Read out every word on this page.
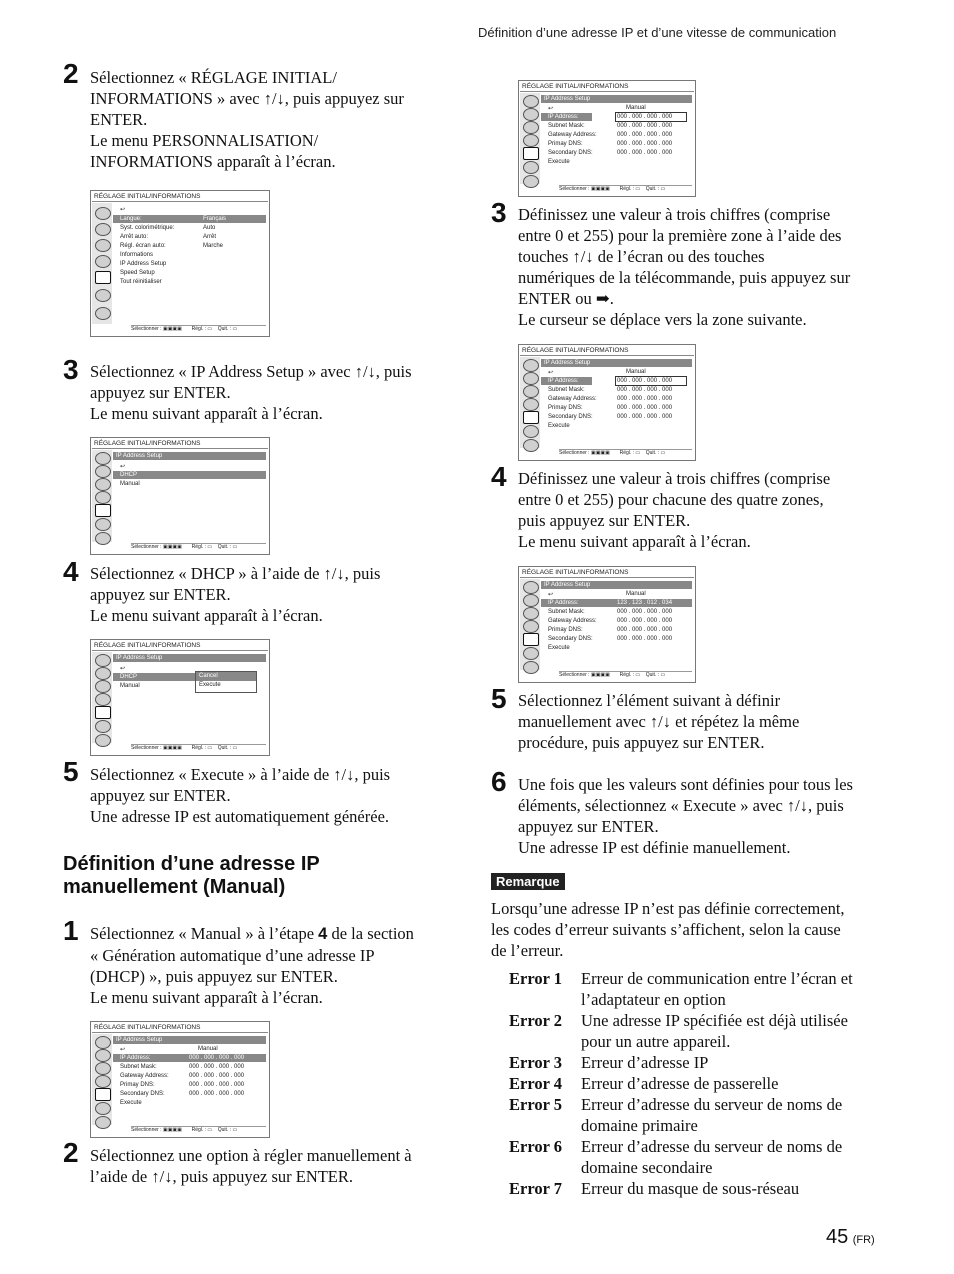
Définition d’une adresse IP et d’une vitesse de communication
2 Sélectionnez « RÉGLAGE INITIAL/
INFORMATIONS » avec ↑/↓, puis appuyez sur
ENTER.
Le menu PERSONNALISATION/
INFORMATIONS apparaît à l’écran.
RÉGLAGE INITIAL/INFORMATIONS
↩
Langue:	Français
Syst. colorimétrique:	Auto
Arrêt auto:	Arrêt
Régl. écran auto:	Marche
Informations
IP Address Setup
Speed Setup
Tout réinitialiser
Sélectionner : ▣▣▣▣       Régl. : ▭    Quit. : ▭
3 Sélectionnez « IP Address Setup » avec ↑/↓, puis
appuyez sur ENTER.
Le menu suivant apparaît à l’écran.
RÉGLAGE INITIAL/INFORMATIONS
IP Address Setup
↩
DHCP
Manual
Sélectionner : ▣▣▣▣       Régl. : ▭    Quit. : ▭
4 Sélectionnez « DHCP » à l’aide de ↑/↓, puis
appuyez sur ENTER.
Le menu suivant apparaît à l’écran.
RÉGLAGE INITIAL/INFORMATIONS
IP Address Setup
↩
DHCP
Manual
Cancel
Execute
Sélectionner : ▣▣▣▣       Régl. : ▭    Quit. : ▭
5 Sélectionnez « Execute » à l’aide de ↑/↓, puis
appuyez sur ENTER.
Une adresse IP est automatiquement générée.
Définition d’une adresse IP
manuellement (Manual)
1 Sélectionnez « Manual » à l’étape 4 de la section
« Génération automatique d’une adresse IP
(DHCP) », puis appuyez sur ENTER.
Le menu suivant apparaît à l’écran.
RÉGLAGE INITIAL/INFORMATIONS
IP Address Setup
↩	Manual
IP Address:	000 . 000 . 000 . 000
Subnet Mask:	000 . 000 . 000 . 000
Gateway Address:	000 . 000 . 000 . 000
Primay DNS:	000 . 000 . 000 . 000
Secondary DNS:	000 . 000 . 000 . 000
Execute
Sélectionner : ▣▣▣▣       Régl. : ▭    Quit. : ▭
2 Sélectionnez une option à régler manuellement à
l’aide de ↑/↓, puis appuyez sur ENTER.
RÉGLAGE INITIAL/INFORMATIONS
IP Address Setup
↩	Manual
IP Address:	000 . 000 . 000 . 000
Subnet Mask:	000 . 000 . 000 . 000
Gateway Address:	000 . 000 . 000 . 000
Primay DNS:	000 . 000 . 000 . 000
Secondary DNS:	000 . 000 . 000 . 000
Execute
Sélectionner : ▣▣▣▣       Régl. : ▭    Quit. : ▭
3 Définissez une valeur à trois chiffres (comprise
entre 0 et 255) pour la première zone à l’aide des
touches ↑/↓ de l’écran ou des touches
numériques de la télécommande, puis appuyez sur
ENTER ou ➡.
Le curseur se déplace vers la zone suivante.
RÉGLAGE INITIAL/INFORMATIONS
IP Address Setup
↩	Manual
IP Address:	000 . 000 . 000 . 000
Subnet Mask:	000 . 000 . 000 . 000
Gateway Address:	000 . 000 . 000 . 000
Primay DNS:	000 . 000 . 000 . 000
Secondary DNS:	000 . 000 . 000 . 000
Execute
Sélectionner : ▣▣▣▣       Régl. : ▭    Quit. : ▭
4 Définissez une valeur à trois chiffres (comprise
entre 0 et 255) pour chacune des quatre zones,
puis appuyez sur ENTER.
Le menu suivant apparaît à l’écran.
RÉGLAGE INITIAL/INFORMATIONS
IP Address Setup
↩	Manual
IP Address:	123 . 123 . 012 . 034
Subnet Mask:	000 . 000 . 000 . 000
Gateway Address:	000 . 000 . 000 . 000
Primay DNS:	000 . 000 . 000 . 000
Secondary DNS:	000 . 000 . 000 . 000
Execute
Sélectionner : ▣▣▣▣       Régl. : ▭    Quit. : ▭
5 Sélectionnez l’élément suivant à définir
manuellement avec ↑/↓ et répétez la même
procédure, puis appuyez sur ENTER.
6 Une fois que les valeurs sont définies pour tous les
éléments, sélectionnez « Execute » avec ↑/↓, puis
appuyez sur ENTER.
Une adresse IP est définie manuellement.
Remarque
Lorsqu’une adresse IP n’est pas définie correctement,
les codes d’erreur suivants s’affichent, selon la cause
de l’erreur.
Error 1	Erreur de communication entre l’écran et
l’adaptateur en option
Error 2	Une adresse IP spécifiée est déjà utilisée
pour un autre appareil.
Error 3	Erreur d’adresse IP
Error 4	Erreur d’adresse de passerelle
Error 5	Erreur d’adresse du serveur de noms de
domaine primaire
Error 6	Erreur d’adresse du serveur de noms de
domaine secondaire
Error 7	Erreur du masque de sous-réseau
45 (FR)
